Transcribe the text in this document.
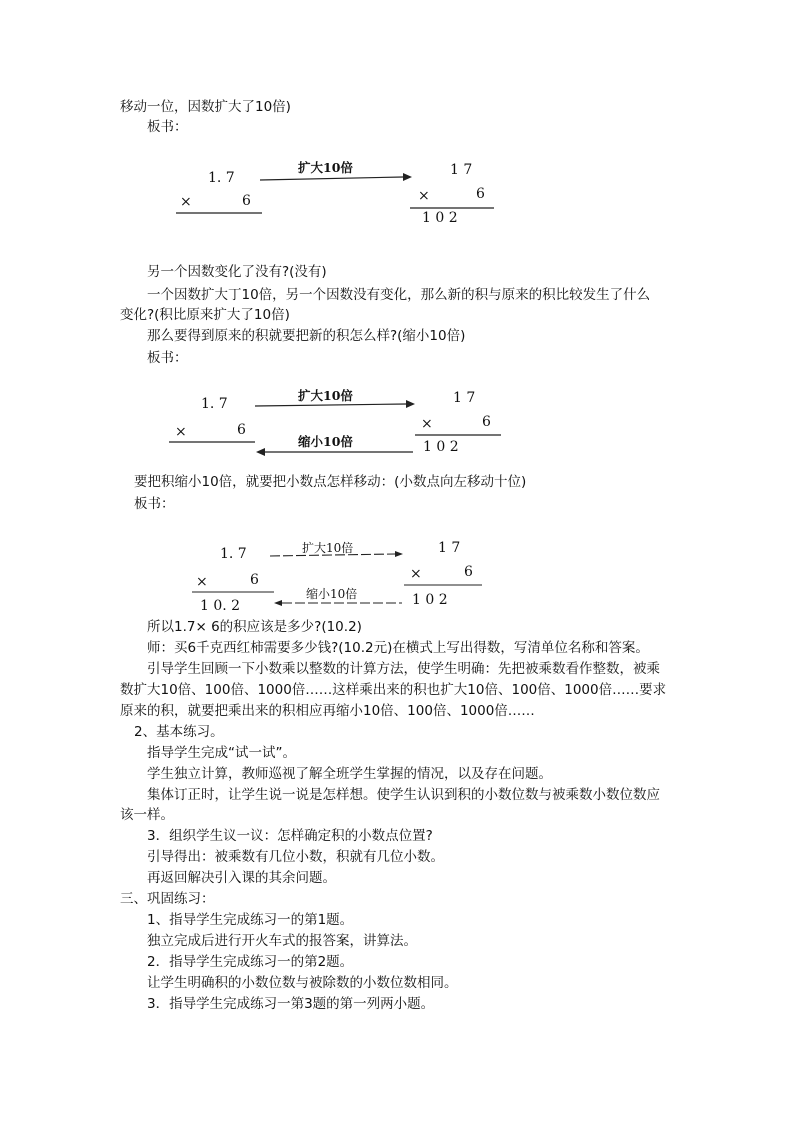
移动一位，因数扩大了10倍)
板书：
1. 7
×	6
扩大10倍	1 7
×	6
1 0 2
另一个因数变化了没有?(没有)
一个因数扩大丁10倍，另一个因数没有变化，那么新的积与原来的积比较发生了什么
变化?(积比原来扩大了10倍)
那么要得到原来的积就要把新的积怎么样?(缩小10倍)
板书：
1. 7
×	6
扩大10倍
缩小10倍
1 7
×	6
1 0 2
要把积缩小10倍，就要把小数点怎样移动：(小数点向左移动十位)
板书：
1. 7
×	6
1 0. 2
扩大10倍
缩小10倍
1 7
×	6
1 0 2
所以1.7× 6的积应该是多少?(10.2)
师：买6千克西红柿需要多少钱?(10.2元)在横式上写出得数，写清单位名称和答案。
引导学生回顾一下小数乘以整数的计算方法，使学生明确：先把被乘数看作整数，被乘
数扩大10倍、100倍、1000倍……这样乘出来的积也扩大10倍、100倍、1000倍……要求
原来的积，就要把乘出来的积相应再缩小10倍、100倍、1000倍……
2、基本练习。
指导学生完成“试一试”。
学生独立计算，教师巡视了解全班学生掌握的情况，以及存在问题。
集体订正时，让学生说一说是怎样想。使学生认识到积的小数位数与被乘数小数位数应
该一样。
3．组织学生议一议：怎样确定积的小数点位置?
引导得出：被乘数有几位小数，积就有几位小数。
再返回解决引入课的其余问题。
三、巩固练习：
1、指导学生完成练习一的第1题。
独立完成后进行开火车式的报答案，讲算法。
2．指导学生完成练习一的第2题。
让学生明确积的小数位数与被除数的小数位数相同。
3．指导学生完成练习一第3题的第一列两小题。
